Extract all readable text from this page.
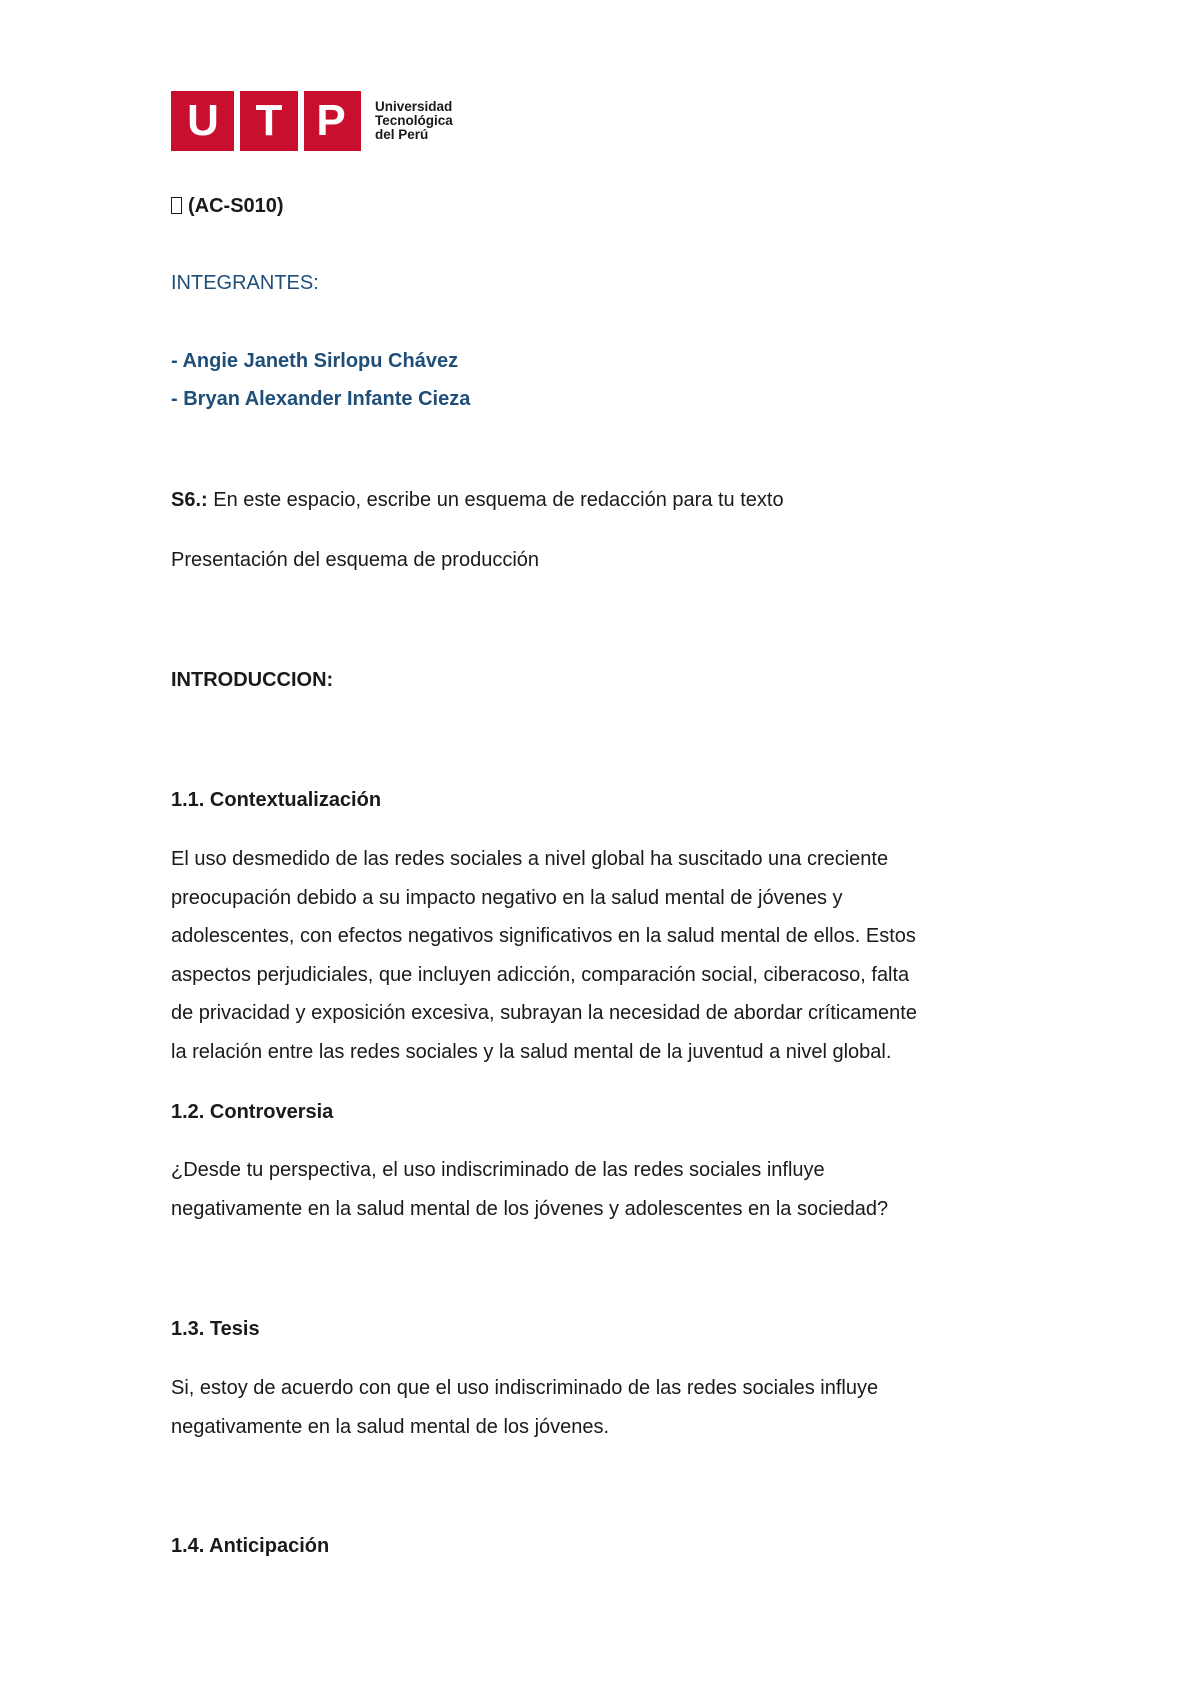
U T P	Universidad
Tecnológica
del Perú
(AC-S010)
INTEGRANTES:
- Angie Janeth Sirlopu Chávez
- Bryan Alexander Infante Cieza
S6.: En este espacio, escribe un esquema de redacción para tu texto
Presentación del esquema de producción
INTRODUCCION:
1.1. Contextualización
El uso desmedido de las redes sociales a nivel global ha suscitado una creciente
preocupación debido a su impacto negativo en la salud mental de jóvenes y
adolescentes, con efectos negativos significativos en la salud mental de ellos. Estos
aspectos perjudiciales, que incluyen adicción, comparación social, ciberacoso, falta
de privacidad y exposición excesiva, subrayan la necesidad de abordar críticamente
la relación entre las redes sociales y la salud mental de la juventud a nivel global.
1.2. Controversia
¿Desde tu perspectiva, el uso indiscriminado de las redes sociales influye
negativamente en la salud mental de los jóvenes y adolescentes en la sociedad?
1.3. Tesis
Si, estoy de acuerdo con que el uso indiscriminado de las redes sociales influye
negativamente en la salud mental de los jóvenes.
1.4. Anticipación
